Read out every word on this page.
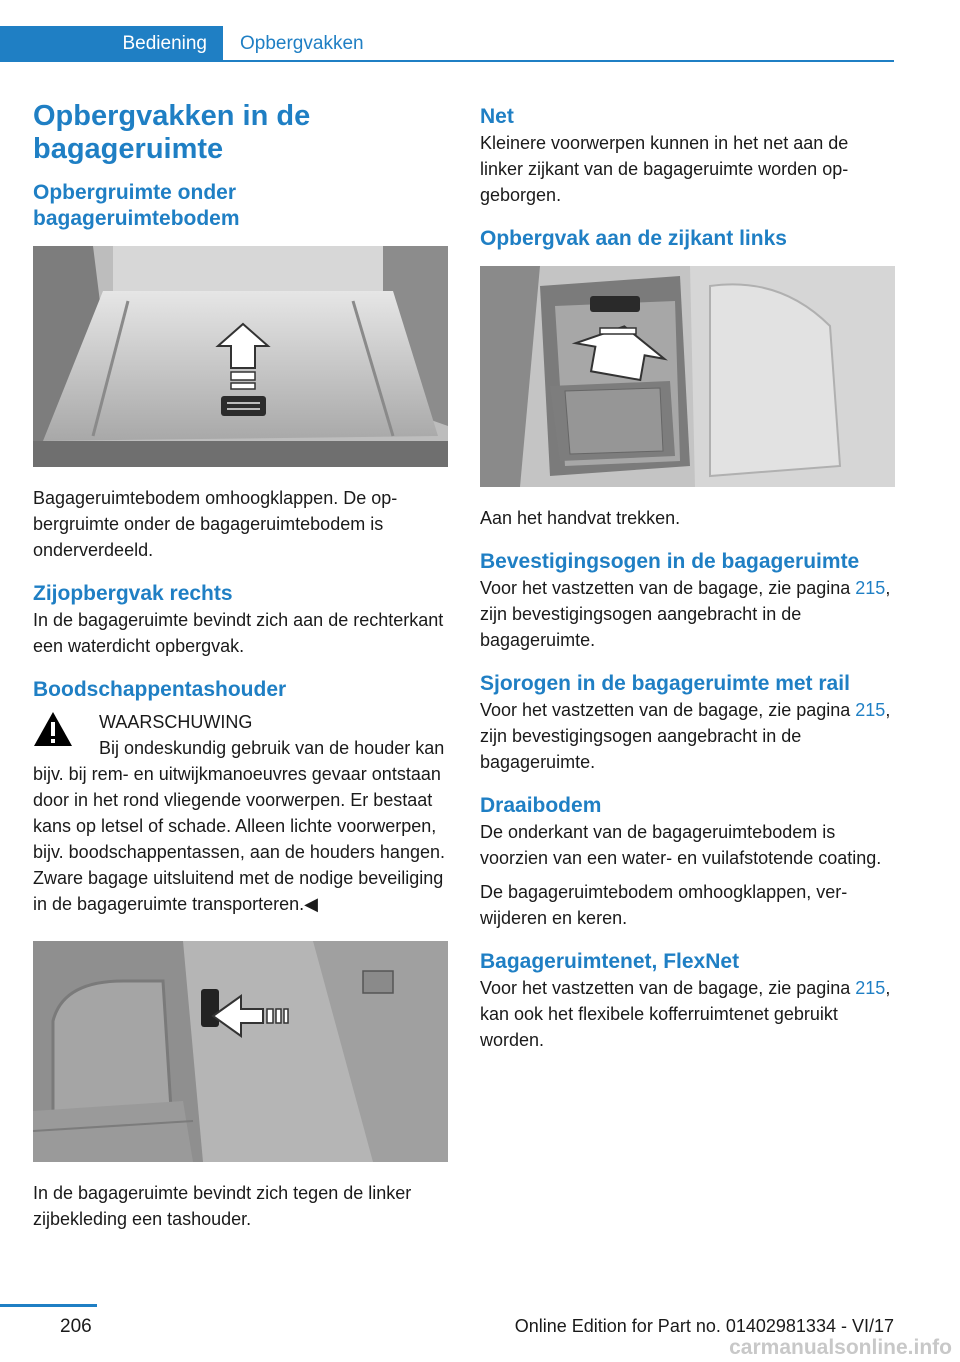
Bediening Opbergvakken
Opbergvakken in de bagageruimte
Opbergruimte onder bagageruimtebodem

Bagageruimtebodem omhoogklappen. De opbergruimte onder de bagageruimtebodem is onderverdeeld.

Zijopbergvak rechts

In de bagageruimte bevindt zich aan de rechterkant een waterdicht opbergvak.

Boodschappentashouder

WAARSCHUWING

Bij ondeskundig gebruik van de houder kan bijv. bij rem- en uitwijkmanoeuvres gevaar ontstaan door in het rond vliegende voorwerpen. Er bestaat kans op letsel of schade. Alleen lichte voorwerpen, bijv. boodschappentassen, aan de houders hangen. Zware bagage uitsluitend met de nodige beveiliging in de bagageruimte transporteren.◀

In de bagageruimte bevindt zich tegen de linker zijbekleding een tashouder.

Net

Kleinere voorwerpen kunnen in het net aan de linker zijkant van de bagageruimte worden opgeborgen.

Opbergvak aan de zijkant links

Aan het handvat trekken.

Bevestigingsogen in de bagageruimte

Voor het vastzetten van de bagage, zie pagina 215, zijn bevestigingsogen aangebracht in de bagageruimte.

Sjorogen in de bagageruimte met rail

Voor het vastzetten van de bagage, zie pagina 215, zijn bevestigingsogen aangebracht in de bagageruimte.

Draaibodem

De onderkant van de bagageruimtebodem is voorzien van een water- en vuilafstotende coating.

De bagageruimtebodem omhoogklappen, verwijderen en keren.

Bagageruimtenet, FlexNet

Voor het vastzetten van de bagage, zie pagina 215, kan ook het flexibele kofferruimtenet gebruikt worden.

206	Online Edition for Part no. 01402981334 - VI/17
carmanualsonline.info
